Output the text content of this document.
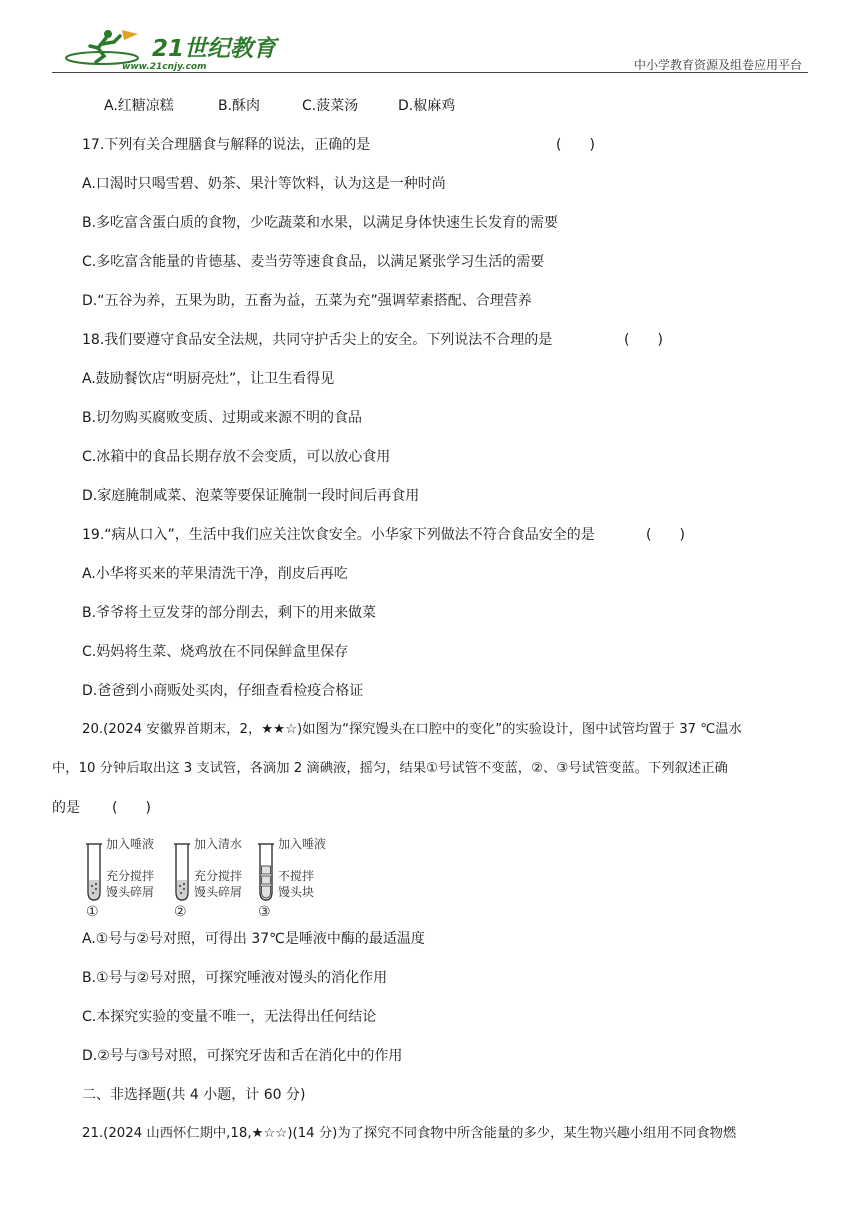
21世纪教育
www.21cnjy.com	中小学教育资源及组卷应用平台
A.红糖凉糕	B.酥肉	C.菠菜汤	D.椒麻鸡
17.下列有关合理膳食与解释的说法，正确的是	(　　)
A.口渴时只喝雪碧、奶茶、果汁等饮料，认为这是一种时尚
B.多吃富含蛋白质的食物，少吃蔬菜和水果，以满足身体快速生长发育的需要
C.多吃富含能量的肯德基、麦当劳等速食食品，以满足紧张学习生活的需要
D.“五谷为养，五果为助，五畜为益，五菜为充”强调荤素搭配、合理营养
18.我们要遵守食品安全法规，共同守护舌尖上的安全。下列说法不合理的是	(　　)
A.鼓励餐饮店“明厨亮灶”，让卫生看得见
B.切勿购买腐败变质、过期或来源不明的食品
C.冰箱中的食品长期存放不会变质，可以放心食用
D.家庭腌制咸菜、泡菜等要保证腌制一段时间后再食用
19.“病从口入”，生活中我们应关注饮食安全。小华家下列做法不符合食品安全的是	(　　)
A.小华将买来的苹果清洗干净，削皮后再吃
B.爷爷将土豆发芽的部分削去，剩下的用来做菜
C.妈妈将生菜、烧鸡放在不同保鲜盒里保存
D.爸爸到小商贩处买肉，仔细查看检疫合格证
20.(2024 安徽界首期末，2，★★☆)如图为“探究馒头在口腔中的变化”的实验设计，图中试管均置于 37 ℃温水
中，10 分钟后取出这 3 支试管，各滴加 2 滴碘液，摇匀，结果①号试管不变蓝，②、③号试管变蓝。下列叙述正确
的是 (　　)
加入唾液
充分搅拌
馒头碎屑
①
加入清水
充分搅拌
馒头碎屑
②
加入唾液
不搅拌
馒头块
③
A.①号与②号对照，可得出 37℃是唾液中酶的最适温度
B.①号与②号对照，可探究唾液对馒头的消化作用
C.本探究实验的变量不唯一，无法得出任何结论
D.②号与③号对照，可探究牙齿和舌在消化中的作用
二、非选择题(共 4 小题，计 60 分)
21.(2024 山西怀仁期中,18,★☆☆)(14 分)为了探究不同食物中所含能量的多少，某生物兴趣小组用不同食物燃
